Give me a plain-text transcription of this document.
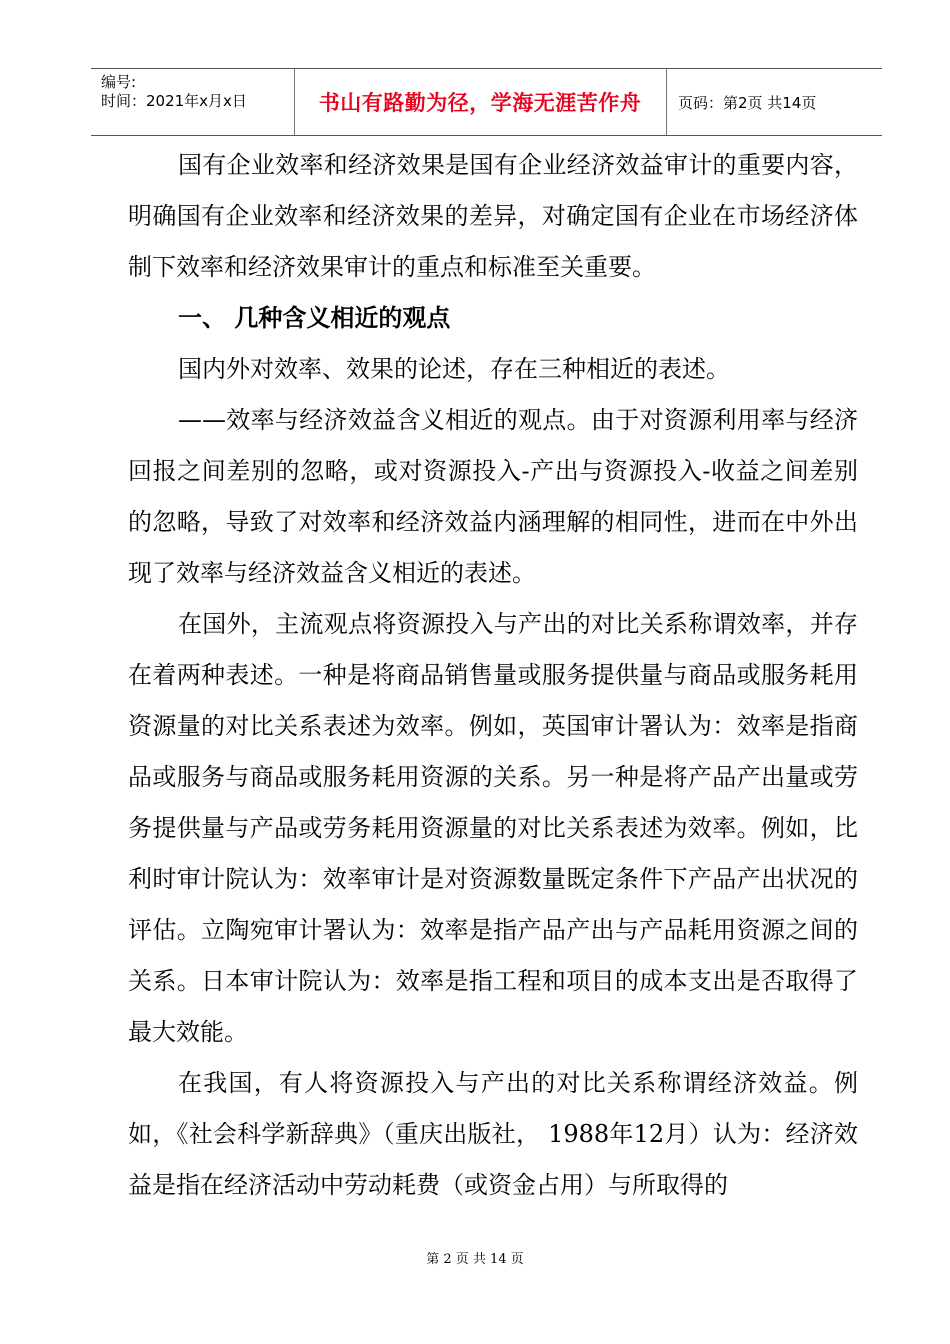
编号:
时间：2021年x月x日	书山有路勤为径，学海无涯苦作舟	页码：第2页 共14页

国有企业效率和经济效果是国有企业经济效益审计的重要内容，明确国有企业效率和经济效果的差异，对确定国有企业在市场经济体制下效率和经济效果审计的重点和标准至关重要。

一、 几种含义相近的观点

国内外对效率、效果的论述，存在三种相近的表述。

——效率与经济效益含义相近的观点。由于对资源利用率与经济回报之间差别的忽略，或对资源投入-产出与资源投入-收益之间差别的忽略，导致了对效率和经济效益内涵理解的相同性，进而在中外出现了效率与经济效益含义相近的表述。

在国外，主流观点将资源投入与产出的对比关系称谓效率，并存在着两种表述。一种是将商品销售量或服务提供量与商品或服务耗用资源量的对比关系表述为效率。例如，英国审计署认为：效率是指商品或服务与商品或服务耗用资源的关系。另一种是将产品产出量或劳务提供量与产品或劳务耗用资源量的对比关系表述为效率。例如，比利时审计院认为：效率审计是对资源数量既定条件下产品产出状况的评估。立陶宛审计署认为：效率是指产品产出与产品耗用资源之间的关系。日本审计院认为：效率是指工程和项目的成本支出是否取得了最大效能。

在我国，有人将资源投入与产出的对比关系称谓经济效益。例如，《社会科学新辞典》（重庆出版社， 1988年12月）认为：经济效益是指在经济活动中劳动耗费（或资金占用）与所取得的

第 2 页 共 14 页
